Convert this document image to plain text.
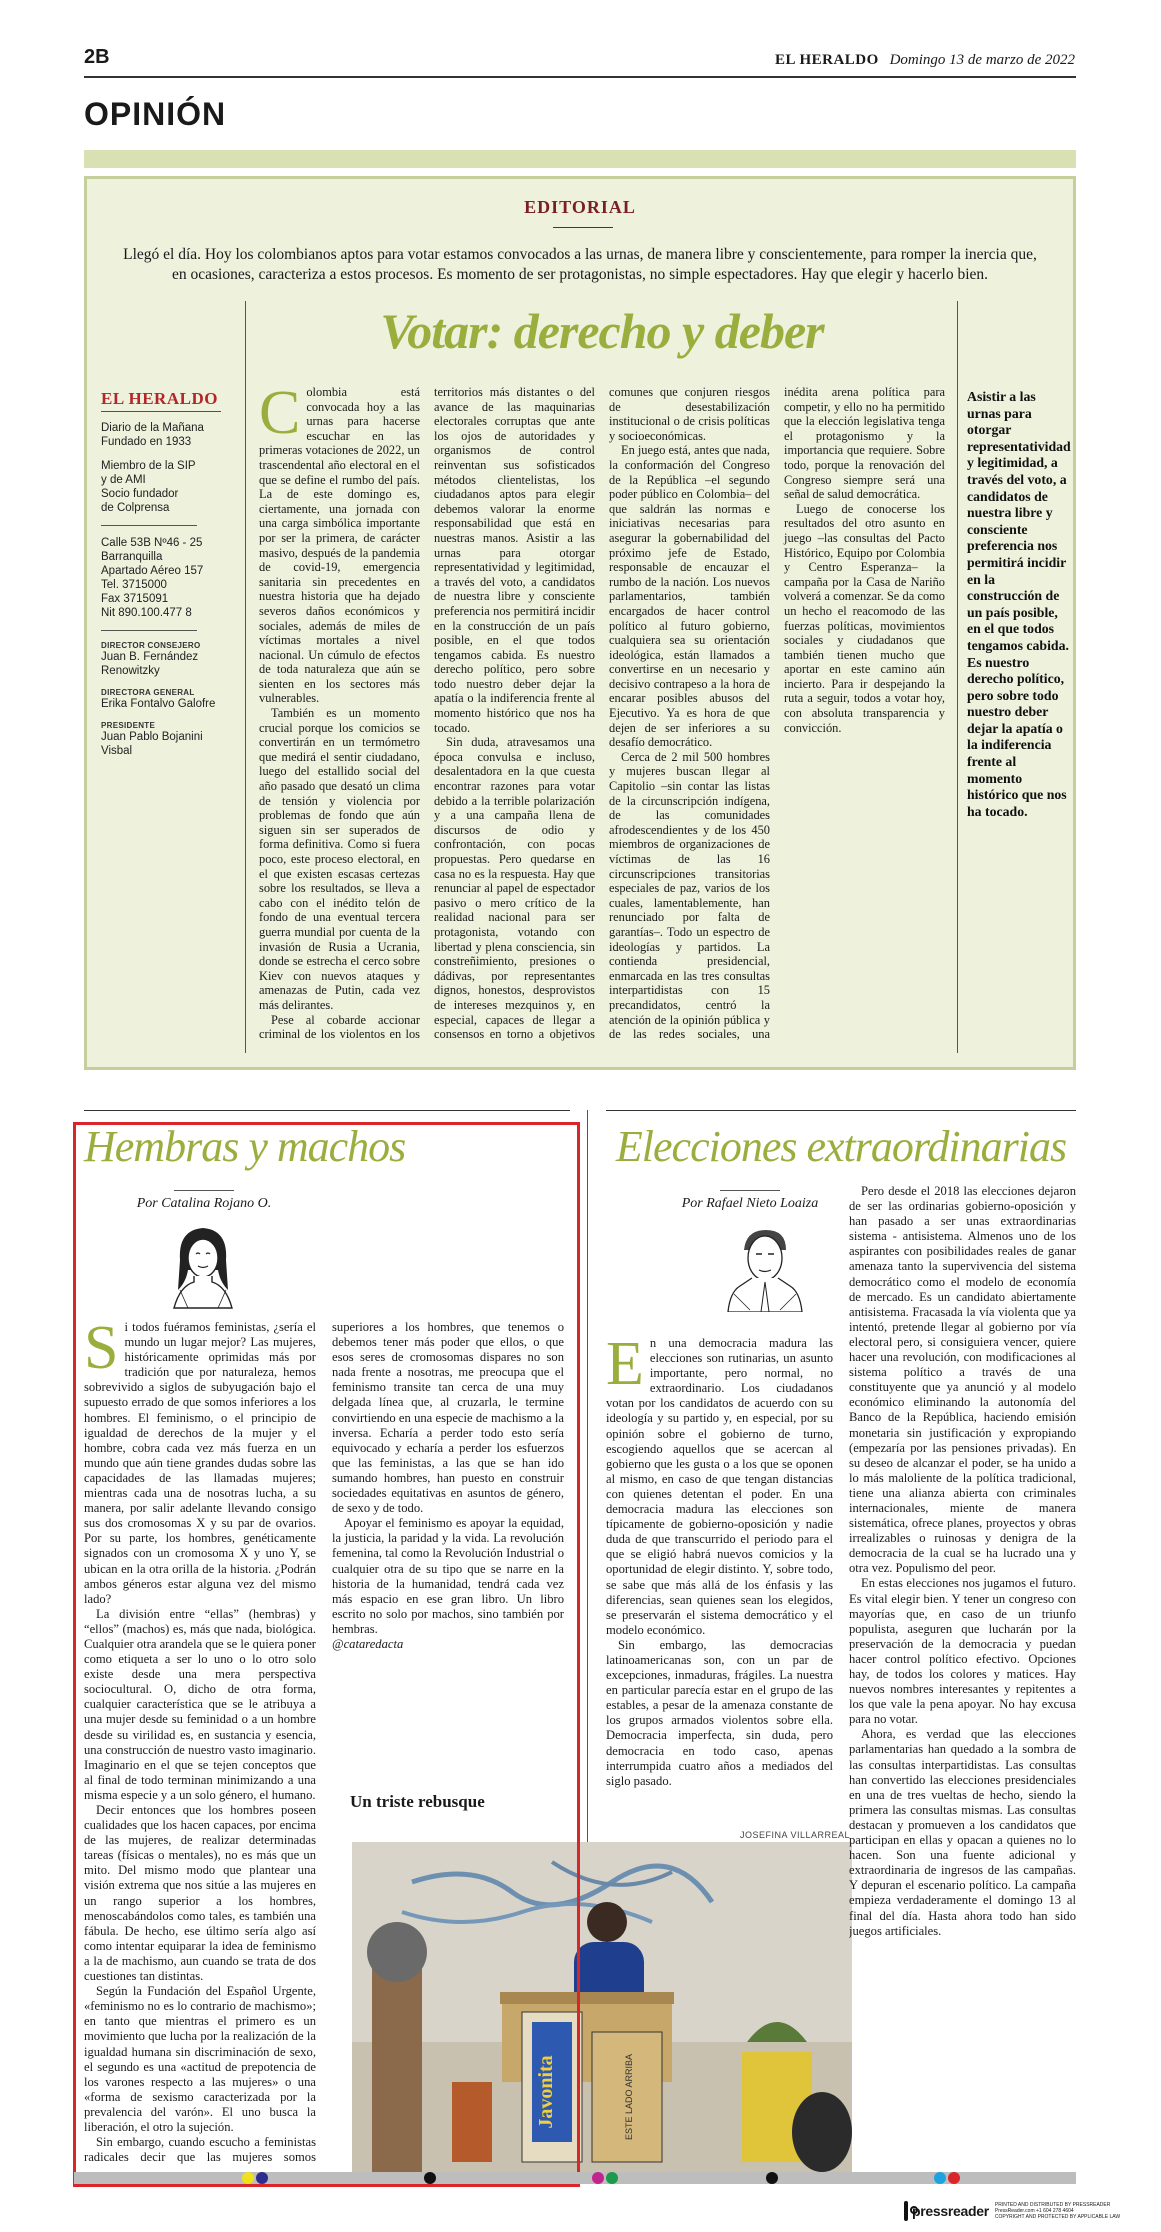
2B	EL HERALDO Domingo 13 de marzo de 2022
OPINIÓN
EDITORIAL
Llegó el día. Hoy los colombianos aptos para votar estamos convocados a las urnas, de manera libre y conscientemente, para romper la inercia que, en ocasiones, caracteriza a estos procesos. Es momento de ser protagonistas, no simple espectadores. Hay que elegir y hacerlo bien.
Votar: derecho y deber
EL HERALDO
Diario de la Mañana
Fundado en 1933
Miembro de la SIP
y de AMI
Socio fundador
de Colprensa
Calle 53B Nº46 - 25
Barranquilla
Apartado Aéreo 157
Tel. 3715000
Fax 3715091
Nit 890.100.477 8
DIRECTOR CONSEJERO
Juan B. Fernández
Renowitzky
DIRECTORA GENERAL
Erika Fontalvo Galofre
PRESIDENTE
Juan Pablo Bojanini
Visbal

Colombia está convocada hoy a las urnas para hacerse escuchar en las primeras votaciones de 2022, un trascendental año electoral en el que se define el rumbo del país. La de este domingo es, ciertamente, una jornada con una carga simbólica importante por ser la primera, de carácter masivo, después de la pandemia de covid-19, emergencia sanitaria sin precedentes en nuestra historia que ha dejado severos daños económicos y sociales, además de miles de víctimas mortales a nivel nacional. Un cúmulo de efectos de toda naturaleza que aún se sienten en los sectores más vulnerables.

También es un momento crucial porque los comicios se convertirán en un termómetro que medirá el sentir ciudadano, luego del estallido social del año pasado que desató un clima de tensión y violencia por problemas de fondo que aún siguen sin ser superados de forma definitiva. Como si fuera poco, este proceso electoral, en el que existen escasas certezas sobre los resultados, se lleva a cabo con el inédito telón de fondo de una eventual tercera guerra mundial por cuenta de la invasión de Rusia a Ucrania, donde se estrecha el cerco sobre Kiev con nuevos ataques y amenazas de Putin, cada vez más delirantes.

Pese al cobarde accionar criminal de los violentos en los territorios más distantes o del avance de las maquinarias electorales corruptas que ante los ojos de autoridades y organismos de control reinventan sus sofisticados métodos clientelistas, los ciudadanos aptos para elegir debemos valorar la enorme responsabilidad que está en nuestras manos. Asistir a las urnas para otorgar representatividad y legitimidad, a través del voto, a candidatos de nuestra libre y consciente preferencia nos permitirá incidir en la construcción de un país posible, en el que todos tengamos cabida. Es nuestro derecho político, pero sobre todo nuestro deber dejar la apatía o la indiferencia frente al momento histórico que nos ha tocado.

Sin duda, atravesamos una época convulsa e incluso, desalentadora en la que cuesta encontrar razones para votar debido a la terrible polarización y a una campaña llena de discursos de odio y confrontación, con pocas propuestas. Pero quedarse en casa no es la respuesta. Hay que renunciar al papel de espectador pasivo o mero crítico de la realidad nacional para ser protagonista, votando con libertad y plena consciencia, sin constreñimiento, presiones o dádivas, por representantes dignos, honestos, desprovistos de intereses mezquinos y, en especial, capaces de llegar a consensos en torno a objetivos comunes que conjuren riesgos de desestabilización institucional o de crisis políticas y socioeconómicas.

En juego está, antes que nada, la conformación del Congreso de la República –el segundo poder público en Colombia– del que saldrán las normas e iniciativas necesarias para asegurar la gobernabilidad del próximo jefe de Estado, responsable de encauzar el rumbo de la nación. Los nuevos parlamentarios, también encargados de hacer control político al futuro gobierno, cualquiera sea su orientación ideológica, están llamados a convertirse en un necesario y decisivo contrapeso a la hora de encarar posibles abusos del Ejecutivo. Ya es hora de que dejen de ser inferiores a su desafío democrático.

Cerca de 2 mil 500 hombres y mujeres buscan llegar al Capitolio –sin contar las listas de la circunscripción indígena, de las comunidades afrodescendientes y de los 450 miembros de organizaciones de víctimas de las 16 circunscripciones transitorias especiales de paz, varios de los cuales, lamentablemente, han renunciado por falta de garantías–. Todo un espectro de ideologías y partidos. La contienda presidencial, enmarcada en las tres consultas interpartidistas con 15 precandidatos, centró la atención de la opinión pública y de las redes sociales, una inédita arena política para competir, y ello no ha permitido que la elección legislativa tenga el protagonismo y la importancia que requiere. Sobre todo, porque la renovación del Congreso siempre será una señal de salud democrática.

Luego de conocerse los resultados del otro asunto en juego –las consultas del Pacto Histórico, Equipo por Colombia y Centro Esperanza– la campaña por la Casa de Nariño volverá a comenzar. Se da como un hecho el reacomodo de las fuerzas políticas, movimientos sociales y ciudadanos que también tienen mucho que aportar en este camino aún incierto. Para ir despejando la ruta a seguir, todos a votar hoy, con absoluta transparencia y convicción.

Asistir a las urnas para otorgar representatividad y legitimidad, a través del voto, a candidatos de nuestra libre y consciente preferencia nos permitirá incidir en la construcción de un país posible, en el que todos tengamos cabida. Es nuestro derecho político, pero sobre todo nuestro deber dejar la apatía o la indiferencia frente al momento histórico que nos ha tocado.
Hembras y machos
Por Catalina Rojano O.

Si todos fuéramos feministas, ¿sería el mundo un lugar mejor? Las mujeres, históricamente oprimidas más por tradición que por naturaleza, hemos sobrevivido a siglos de subyugación bajo el supuesto errado de que somos inferiores a los hombres. El feminismo, o el principio de igualdad de derechos de la mujer y el hombre, cobra cada vez más fuerza en un mundo que aún tiene grandes dudas sobre las capacidades de las llamadas mujeres; mientras cada una de nosotras lucha, a su manera, por salir adelante llevando consigo sus dos cromosomas X y su par de ovarios. Por su parte, los hombres, genéticamente signados con un cromosoma X y uno Y, se ubican en la otra orilla de la historia. ¿Podrán ambos géneros estar alguna vez del mismo lado?

La división entre “ellas” (hembras) y “ellos” (machos) es, más que nada, biológica. Cualquier otra arandela que se le quiera poner como etiqueta a ser lo uno o lo otro solo existe desde una mera perspectiva sociocultural. O, dicho de otra forma, cualquier característica que se le atribuya a una mujer desde su feminidad o a un hombre desde su virilidad es, en sustancia y esencia, una construcción de nuestro vasto imaginario. Imaginario en el que se tejen conceptos que al final de todo terminan minimizando a una misma especie y a un solo género, el humano.

Decir entonces que los hombres poseen cualidades que los hacen capaces, por encima de las mujeres, de realizar determinadas tareas (físicas o mentales), no es más que un mito. Del mismo modo que plantear una visión extrema que nos sitúe a las mujeres en un rango superior a los hombres, menoscabándolos como tales, es también una fábula. De hecho, ese último sería algo así como intentar equiparar la idea de feminismo a la de machismo, aun cuando se trata de dos cuestiones tan distintas.

Según la Fundación del Español Urgente, «feminismo no es lo contrario de machismo»; en tanto que mientras el primero es un movimiento que lucha por la realización de la igualdad humana sin discriminación de sexo, el segundo es una «actitud de prepotencia de los varones respecto a las mujeres» o una «forma de sexismo caracterizada por la prevalencia del varón». El uno busca la liberación, el otro la sujeción.

Sin embargo, cuando escucho a feministas radicales decir que las mujeres somos superiores a los hombres, que tenemos o debemos tener más poder que ellos, o que esos seres de cromosomas dispares no son nada frente a nosotras, me preocupa que el feminismo transite tan cerca de una muy delgada línea que, al cruzarla, le termine convirtiendo en una especie de machismo a la inversa. Echaría a perder todo esto sería equivocado y echaría a perder los esfuerzos que las feministas, a las que se han ido sumando hombres, han puesto en construir sociedades equitativas en asuntos de género, de sexo y de todo.

Apoyar el feminismo es apoyar la equidad, la justicia, la paridad y la vida. La revolución femenina, tal como la Revolución Industrial o cualquier otra de su tipo que se narre en la historia de la humanidad, tendrá cada vez más espacio en ese gran libro. Un libro escrito no solo por machos, sino también por hembras.

@cataredacta

Un triste rebusque
JOSEFINA VILLARREAL
Javonita	ESTE LADO ARRIBA
Elecciones extraordinarias
Por Rafael Nieto Loaiza

En una democracia madura las elecciones son rutinarias, un asunto importante, pero normal, no extraordinario. Los ciudadanos votan por los candidatos de acuerdo con su ideología y su partido y, en especial, por su opinión sobre el gobierno de turno, escogiendo aquellos que se acercan al gobierno que les gusta o a los que se oponen al mismo, en caso de que tengan distancias con quienes detentan el poder. En una democracia madura las elecciones son típicamente de gobierno-oposición y nadie duda de que transcurrido el periodo para el que se eligió habrá nuevos comicios y la oportunidad de elegir distinto. Y, sobre todo, se sabe que más allá de los énfasis y las diferencias, sean quienes sean los elegidos, se preservarán el sistema democrático y el modelo económico.

Sin embargo, las democracias latinoamericanas son, con un par de excepciones, inmaduras, frágiles. La nuestra en particular parecía estar en el grupo de las estables, a pesar de la amenaza constante de los grupos armados violentos sobre ella. Democracia imperfecta, sin duda, pero democracia en todo caso, apenas interrumpida cuatro años a mediados del siglo pasado.

Pero desde el 2018 las elecciones dejaron de ser las ordinarias gobierno-oposición y han pasado a ser unas extraordinarias sistema - antisistema. Almenos uno de los aspirantes con posibilidades reales de ganar amenaza tanto la supervivencia del sistema democrático como el modelo de economía de mercado. Es un candidato abiertamente antisistema. Fracasada la vía violenta que ya intentó, pretende llegar al gobierno por vía electoral pero, si consiguiera vencer, quiere hacer una revolución, con modificaciones al sistema político a través de una constituyente que ya anunció y al modelo económico eliminando la autonomía del Banco de la República, haciendo emisión monetaria sin justificación y expropiando (empezaría por las pensiones privadas). En su deseo de alcanzar el poder, se ha unido a lo más maloliente de la política tradicional, tiene una alianza abierta con criminales internacionales, miente de manera sistemática, ofrece planes, proyectos y obras irrealizables o ruinosas y denigra de la democracia de la cual se ha lucrado una y otra vez. Populismo del peor.

En estas elecciones nos jugamos el futuro. Es vital elegir bien. Y tener un congreso con mayorías que, en caso de un triunfo populista, aseguren que lucharán por la preservación de la democracia y puedan hacer control político efectivo. Opciones hay, de todos los colores y matices. Hay nuevos nombres interesantes y repitentes a los que vale la pena apoyar. No hay excusa para no votar.

Ahora, es verdad que las elecciones parlamentarias han quedado a la sombra de las consultas interpartidistas. Las consultas han convertido las elecciones presidenciales en una de tres vueltas de hecho, siendo la primera las consultas mismas. Las consultas destacan y promueven a los candidatos que participan en ellas y opacan a quienes no lo hacen. Son una fuente adicional y extraordinaria de ingresos de las campañas. Y depuran el escenario político. La campaña empieza verdaderamente el domingo 13 al final del día. Hasta ahora todo han sido juegos artificiales.

pressreader PRINTED AND DISTRIBUTED BY PRESSREADER
PressReader.com +1 604 278 4604
COPYRIGHT AND PROTECTED BY APPLICABLE LAW
